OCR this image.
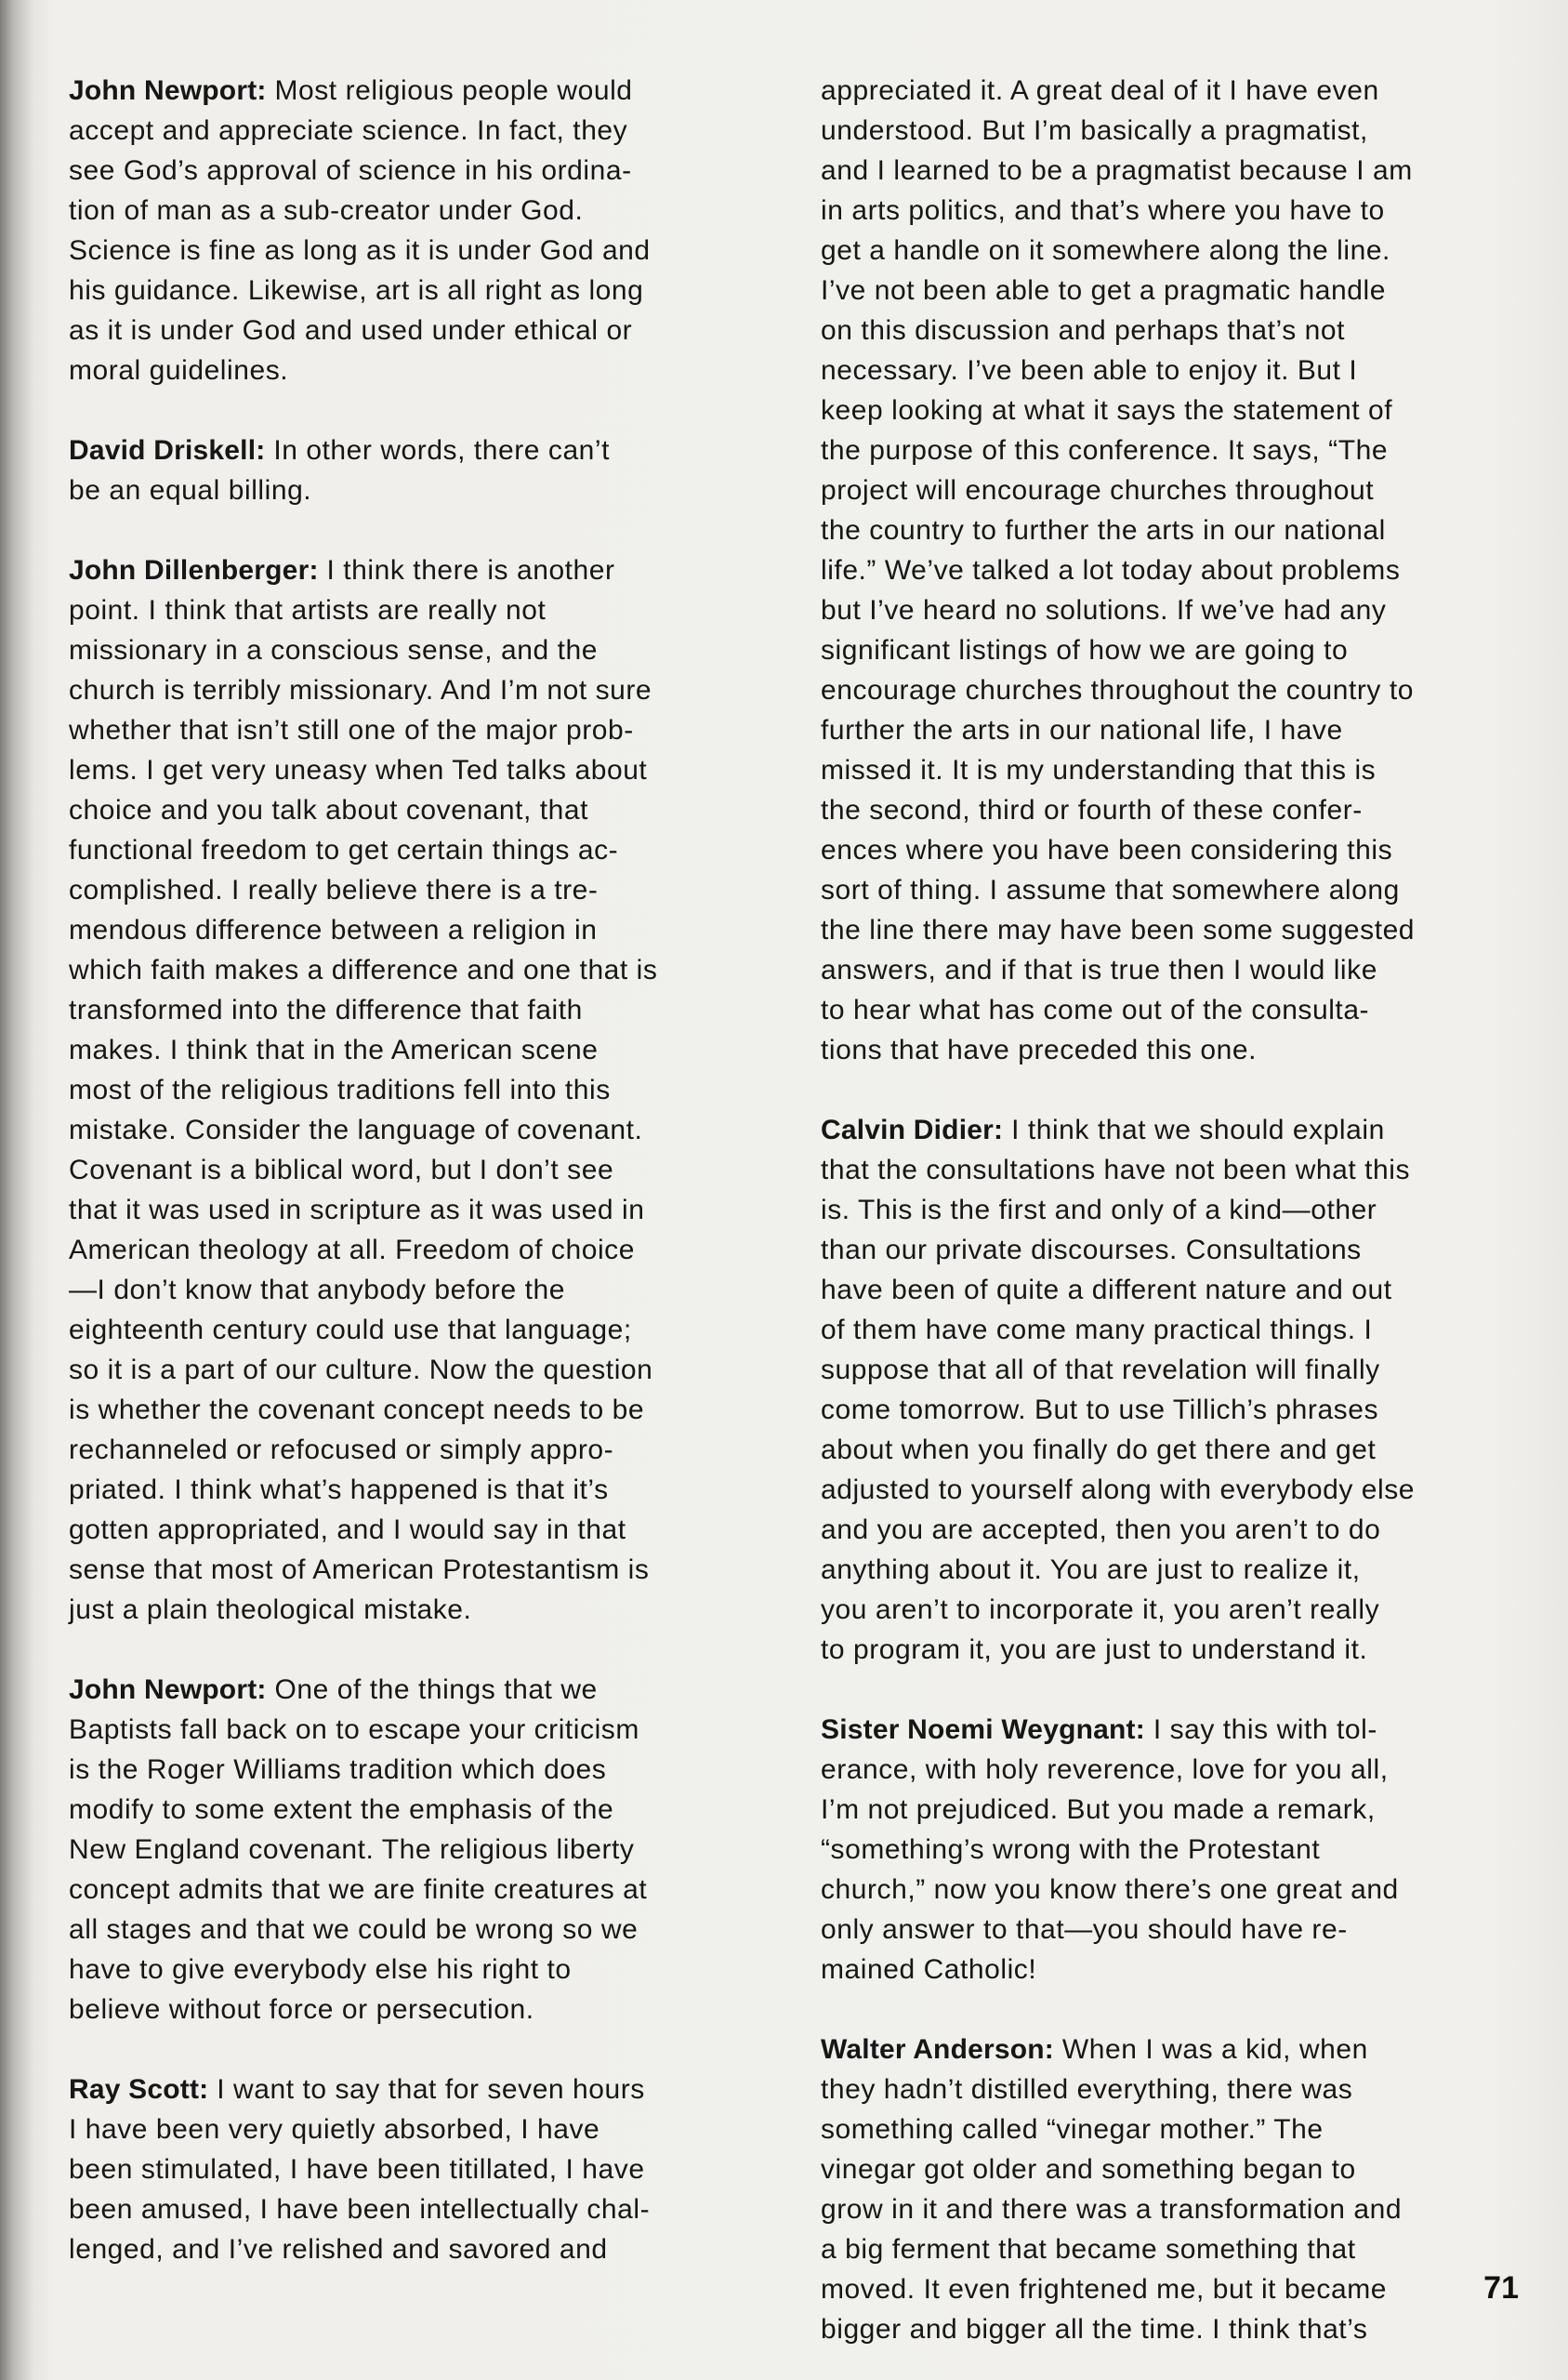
John Newport: Most religious people would
accept and appreciate science. In fact, they
see God’s approval of science in his ordina-
tion of man as a sub-creator under God.
Science is fine as long as it is under God and
his guidance. Likewise, art is all right as long
as it is under God and used under ethical or
moral guidelines.

David Driskell: In other words, there can’t
be an equal billing.

John Dillenberger: I think there is another
point. I think that artists are really not
missionary in a conscious sense, and the
church is terribly missionary. And I’m not sure
whether that isn’t still one of the major prob-
lems. I get very uneasy when Ted talks about
choice and you talk about covenant, that
functional freedom to get certain things ac-
complished. I really believe there is a tre-
mendous difference between a religion in
which faith makes a difference and one that is
transformed into the difference that faith
makes. I think that in the American scene
most of the religious traditions fell into this
mistake. Consider the language of covenant.
Covenant is a biblical word, but I don’t see
that it was used in scripture as it was used in
American theology at all. Freedom of choice
—I don’t know that anybody before the
eighteenth century could use that language;
so it is a part of our culture. Now the question
is whether the covenant concept needs to be
rechanneled or refocused or simply appro-
priated. I think what’s happened is that it’s
gotten appropriated, and I would say in that
sense that most of American Protestantism is
just a plain theological mistake.

John Newport: One of the things that we
Baptists fall back on to escape your criticism
is the Roger Williams tradition which does
modify to some extent the emphasis of the
New England covenant. The religious liberty
concept admits that we are finite creatures at
all stages and that we could be wrong so we
have to give everybody else his right to
believe without force or persecution.

Ray Scott: I want to say that for seven hours
I have been very quietly absorbed, I have
been stimulated, I have been titillated, I have
been amused, I have been intellectually chal-
lenged, and I’ve relished and savored and

appreciated it. A great deal of it I have even
understood. But I’m basically a pragmatist,
and I learned to be a pragmatist because I am
in arts politics, and that’s where you have to
get a handle on it somewhere along the line.
I’ve not been able to get a pragmatic handle
on this discussion and perhaps that’s not
necessary. I’ve been able to enjoy it. But I
keep looking at what it says the statement of
the purpose of this conference. It says, “The
project will encourage churches throughout
the country to further the arts in our national
life.” We’ve talked a lot today about problems
but I’ve heard no solutions. If we’ve had any
significant listings of how we are going to
encourage churches throughout the country to
further the arts in our national life, I have
missed it. It is my understanding that this is
the second, third or fourth of these confer-
ences where you have been considering this
sort of thing. I assume that somewhere along
the line there may have been some suggested
answers, and if that is true then I would like
to hear what has come out of the consulta-
tions that have preceded this one.

Calvin Didier: I think that we should explain
that the consultations have not been what this
is. This is the first and only of a kind—other
than our private discourses. Consultations
have been of quite a different nature and out
of them have come many practical things. I
suppose that all of that revelation will finally
come tomorrow. But to use Tillich’s phrases
about when you finally do get there and get
adjusted to yourself along with everybody else
and you are accepted, then you aren’t to do
anything about it. You are just to realize it,
you aren’t to incorporate it, you aren’t really
to program it, you are just to understand it.

Sister Noemi Weygnant: I say this with tol-
erance, with holy reverence, love for you all,
I’m not prejudiced. But you made a remark,
“something’s wrong with the Protestant
church,” now you know there’s one great and
only answer to that—you should have re-
mained Catholic!

Walter Anderson: When I was a kid, when
they hadn’t distilled everything, there was
something called “vinegar mother.” The
vinegar got older and something began to
grow in it and there was a transformation and
a big ferment that became something that
moved. It even frightened me, but it became
bigger and bigger all the time. I think that’s

71
